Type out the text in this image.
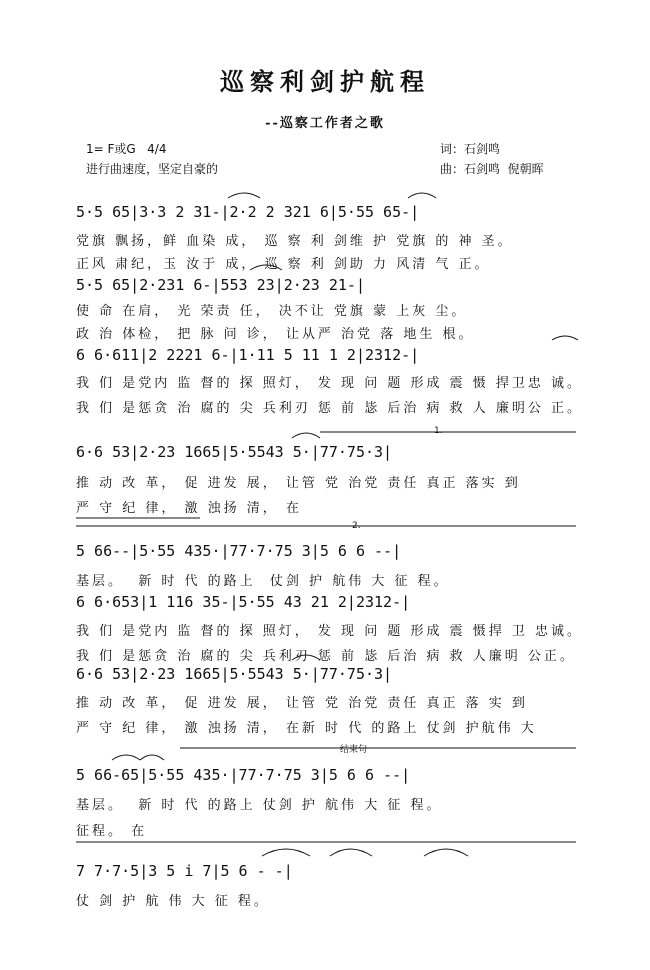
巡察利剑护航程
--巡察工作者之歌
1= F或G   4/4
进行曲速度，坚定自豪的
词：石剑鸣
曲：石剑鸣  倪朝晖
5·5 65|3·3 2 31-|2·2 2 321 6|5·55 65-|
党旗 飘扬，鲜 血染 成， 巡 察 利 剑维 护 党旗 的 神 圣。
正风 肃纪，玉 汝于 成， 巡 察 利 剑助 力 风清 气 正。
5·5 65|2·231 6-|553 23|2·23 21-|
使 命 在肩， 光 荣责 任， 决不让 党旗 蒙 上灰 尘。
政 治 体检， 把 脉 问 诊， 让从严 治党 落 地生 根。
6 6·611|2 2221 6-|1·11 5 11 1 2|2312-|
我 们 是党内 监 督的 探 照灯， 发 现 问 题 形成 震 慑 捍卫忠 诚。
我 们 是惩贪 治 腐的 尖 兵利刃 惩 前 毖 后治 病 救 人 廉明公 正。
1.
6·6 53|2·23 1665|5·5543 5·|77·75·3|
推 动 改 革， 促 进发 展， 让管 党 治党 责任 真正 落实 到
严 守 纪 律， 激 浊扬 清， 在
2.
5 66--|5·55 435·|77·7·75 3|5 6 6 --|
基层。  新 时 代 的路上  仗剑 护 航伟 大 征 程。
6 6·653|1 116 35-|5·55 43 21 2|2312-|
我 们 是党内 监 督的 探 照灯， 发 现 问 题 形成 震 慑捍 卫 忠诚。
我 们 是惩贪 治 腐的 尖 兵利刃 惩 前 毖 后治 病 救 人廉明 公正。
6·6 53|2·23 1665|5·5543 5·|77·75·3|
推 动 改 革， 促 进发 展， 让管 党 治党 责任 真正 落 实 到
严 守 纪 律， 激 浊扬 清， 在新 时 代 的路上 仗剑 护航伟 大
结束句
5 66-65|5·55 435·|77·7·75 3|5 6 6 --|
基层。  新 时 代 的路上 仗剑 护 航伟 大 征 程。
征程。 在
7 7·7·5|3 5 i 7|5 6 - -|
仗 剑 护 航 伟 大 征 程。
